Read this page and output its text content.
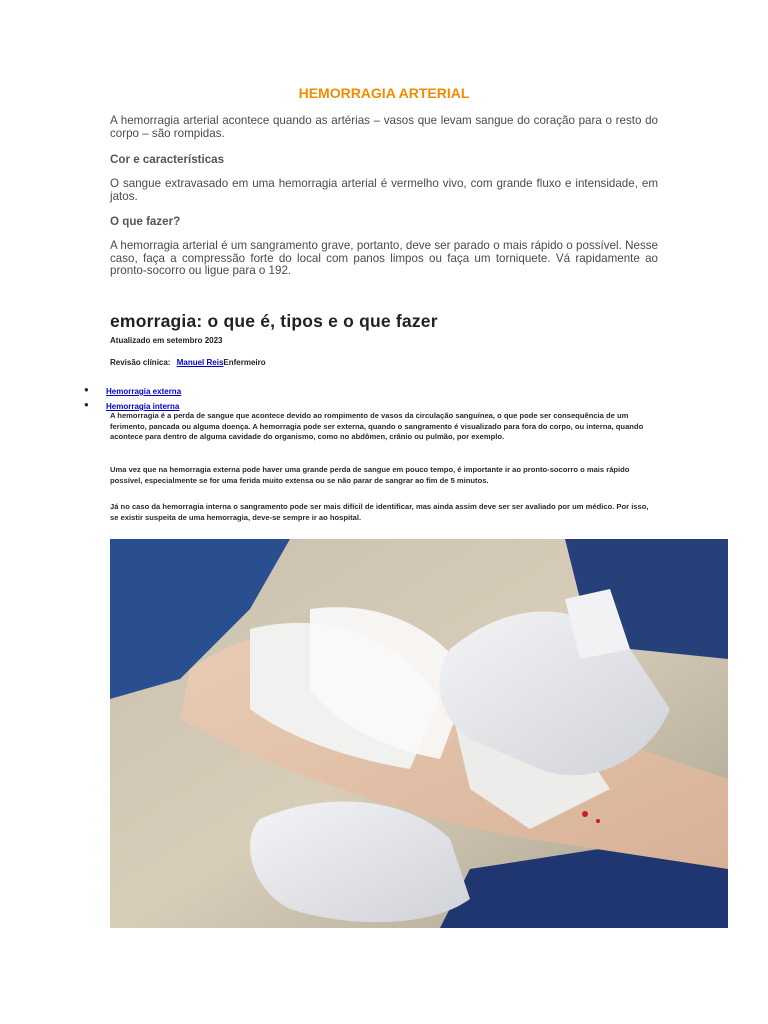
HEMORRAGIA ARTERIAL
A hemorragia arterial acontece quando as artérias – vasos que levam sangue do coração para o resto do corpo – são rompidas.
Cor e características
O sangue extravasado em uma hemorragia arterial é vermelho vivo, com grande fluxo e intensidade, em jatos.
O que fazer?
A hemorragia arterial é um sangramento grave, portanto, deve ser parado o mais rápido o possível. Nesse caso, faça a compressão forte do local com panos limpos ou faça um torniquete. Vá rapidamente ao pronto-socorro ou ligue para o 192.
emorragia: o que é, tipos e o que fazer
Atualizado em setembro 2023
Revisão clínica: Manuel ReisEnfermeiro
● Hemorragia externa
● Hemorragia interna
A hemorragia é a perda de sangue que acontece devido ao rompimento de vasos da circulação sanguínea, o que pode ser consequência de um ferimento, pancada ou alguma doença. A hemorragia pode ser externa, quando o sangramento é visualizado para fora do corpo, ou interna, quando acontece para dentro de alguma cavidade do organismo, como no abdômen, crânio ou pulmão, por exemplo.
Uma vez que na hemorragia externa pode haver uma grande perda de sangue em pouco tempo, é importante ir ao pronto-socorro o mais rápido possível, especialmente se for uma ferida muito extensa ou se não parar de sangrar ao fim de 5 minutos.
Já no caso da hemorragia interna o sangramento pode ser mais difícil de identificar, mas ainda assim deve ser ser avaliado por um médico. Por isso, se existir suspeita de uma hemorragia, deve-se sempre ir ao hospital.
